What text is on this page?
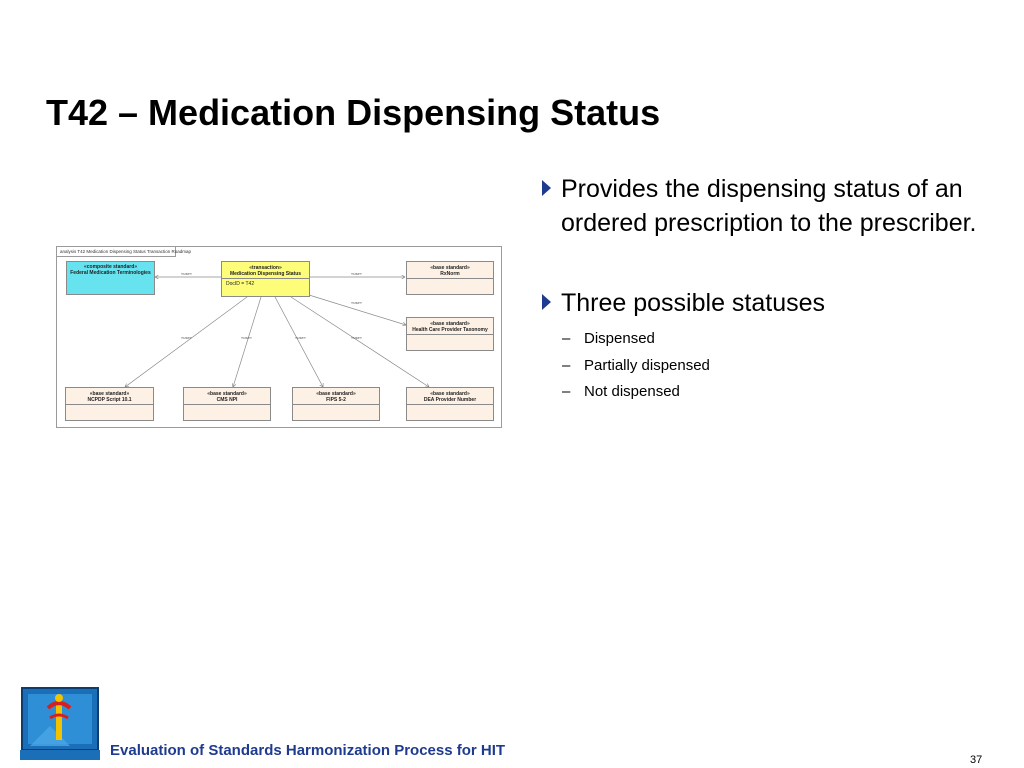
T42 – Medication Dispensing Status
Provides the dispensing status of an ordered prescription to the prescriber.
Three possible statuses
– Dispensed
– Partially dispensed
– Not dispensed
analysis T42 Medication Dispensing Status Transaction Roadmap
«use»	«use»
«use»
«use»	«use»	«use»	«use»
«composite standard»
Federal Medication Terminologies
«transaction»
Medication Dispensing Status
DocID = T42
«base standard»
RxNorm
«base standard»
Health Care Provider Taxonomy
«base standard»
NCPDP Script 10.1
«base standard»
CMS NPI
«base standard»
FIPS 5-2
«base standard»
DEA Provider Number
Evaluation of Standards Harmonization Process for HIT
37
